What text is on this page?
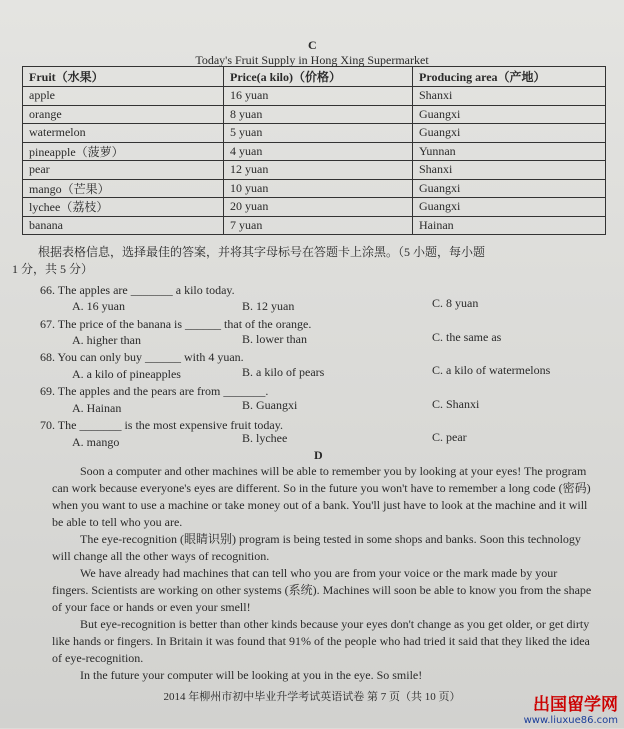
C
Today's Fruit Supply in Hong Xing Supermarket
Fruit（水果）	Price(a kilo)（价格）	Producing area（产地）
apple	16 yuan	Shanxi
orange	8 yuan	Guangxi
watermelon	5 yuan	Guangxi
pineapple（菠萝）	4 yuan	Yunnan
pear	12 yuan	Shanxi
mango（芒果）	10 yuan	Guangxi
lychee（荔枝）	20 yuan	Guangxi
banana	7 yuan	Hainan
根据表格信息，选择最佳的答案，并将其字母标号在答题卡上涂黑。（5 小题，每小题
1 分，共 5 分）
66. The apples are _______ a kilo today.
A. 16 yuan	B. 12 yuan	C. 8 yuan
67. The price of the banana is ______ that of the orange.
A. higher than	B. lower than	C. the same as
68. You can only buy ______ with 4 yuan.
A. a kilo of pineapples	B. a kilo of pears	C. a kilo of watermelons
69. The apples and the pears are from _______.
A. Hainan	B. Guangxi	C. Shanxi
70. The _______ is the most expensive fruit today.
A. mango	B. lychee	C. pear
D
Soon a computer and other machines will be able to remember you by looking at your eyes! The program can work because everyone's eyes are different. So in the future you won't have to remember a long code (密码) when you want to use a machine or take money out of a bank. You'll just have to look at the machine and it will be able to tell who you are.
The eye-recognition (眼睛识别) program is being tested in some shops and banks. Soon this technology will change all the other ways of recognition.
We have already had machines that can tell who you are from your voice or the mark made by your fingers. Scientists are working on other systems (系统). Machines will soon be able to know you from the shape of your face or hands or even your smell!
But eye-recognition is better than other kinds because your eyes don't change as you get older, or get dirty like hands or fingers. In Britain it was found that 91% of the people who had tried it said that they liked the idea of eye-recognition.
In the future your computer will be looking at you in the eye. So smile!
2014 年柳州市初中毕业升学考试英语试卷 第 7 页（共 10 页）	出国留学网
www.liuxue86.com
